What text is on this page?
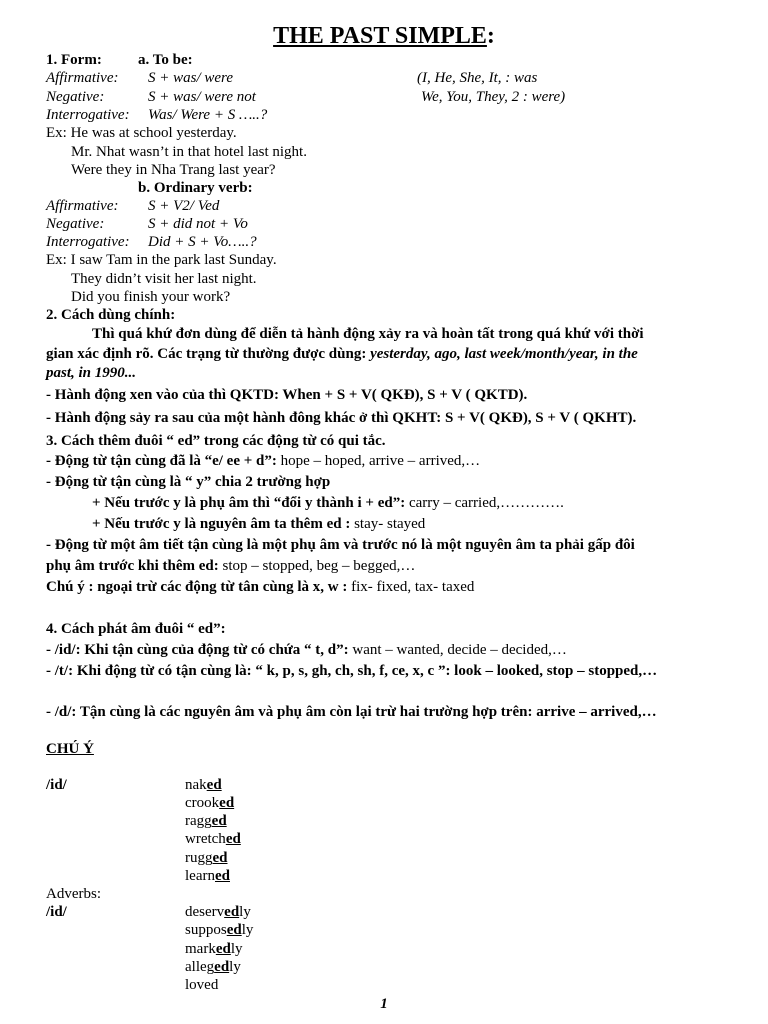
THE PAST SIMPLE:
1. Form: a. To be:
Affirmative: S + was/ were	(I, He, She, It, : was
Negative:	S + was/ were not	We, You, They, 2 : were)
Interrogative: Was/ Were + S …..?
Ex: He was at school yesterday.
Mr. Nhat wasn’t in that hotel last night.
Were they in Nha Trang last year?
b. Ordinary verb:
Affirmative: S + V2/ Ved
Negative:	S + did not + Vo
Interrogative: Did + S + Vo…..?
Ex: I saw Tam in the park last Sunday.
They didn’t visit her last night.
Did you finish your work?
2. Cách dùng chính:
Thì quá khứ đơn dùng để diễn tả hành động xảy ra và hoàn tất trong quá khứ với thời
gian xác định rõ. Các trạng từ thường được dùng: yesterday, ago, last week/month/year, in the
past, in 1990...
- Hành động xen vào của thì QKTD: When + S + V( QKĐ), S + V ( QKTD).
- Hành động sảy ra sau của một hành đông khác ở thì QKHT: S + V( QKĐ), S + V ( QKHT).
3. Cách thêm đuôi “ ed” trong các động từ có qui tắc.
- Động từ tận cùng đã là “e/ ee + d”: hope – hoped, arrive – arrived,…
- Động từ tận cùng là “ y” chia 2 trường hợp
+ Nếu trước y là phụ âm thì “đổi y thành i + ed”: carry – carried,………….
+ Nếu trước y là nguyên âm ta thêm ed : stay- stayed
- Động từ một âm tiết tận cùng là một phụ âm và trước nó là một nguyên âm ta phải gấp đôi
phụ âm trước khi thêm ed: stop – stopped, beg – begged,…
Chú ý : ngoại trừ các động từ tân cùng là x, w : fix- fixed, tax- taxed
4. Cách phát âm đuôi “ ed”:
- /id/: Khi tận cùng của động từ có chứa “ t, d”: want – wanted, decide – decided,…
- /t/: Khi động từ có tận cùng là: “ k, p, s, gh, ch, sh, f, ce, x, c ”: look – looked, stop – stopped,…
- /d/: Tận cùng là các nguyên âm và phụ âm còn lại trừ hai trường hợp trên: arrive – arrived,…
CHÚ Ý
/id/	naked
crooked
ragged
wretched
rugged
learned
Adverbs:
/id/	deservedly
supposedly
markedly
allegedly
loved
1
